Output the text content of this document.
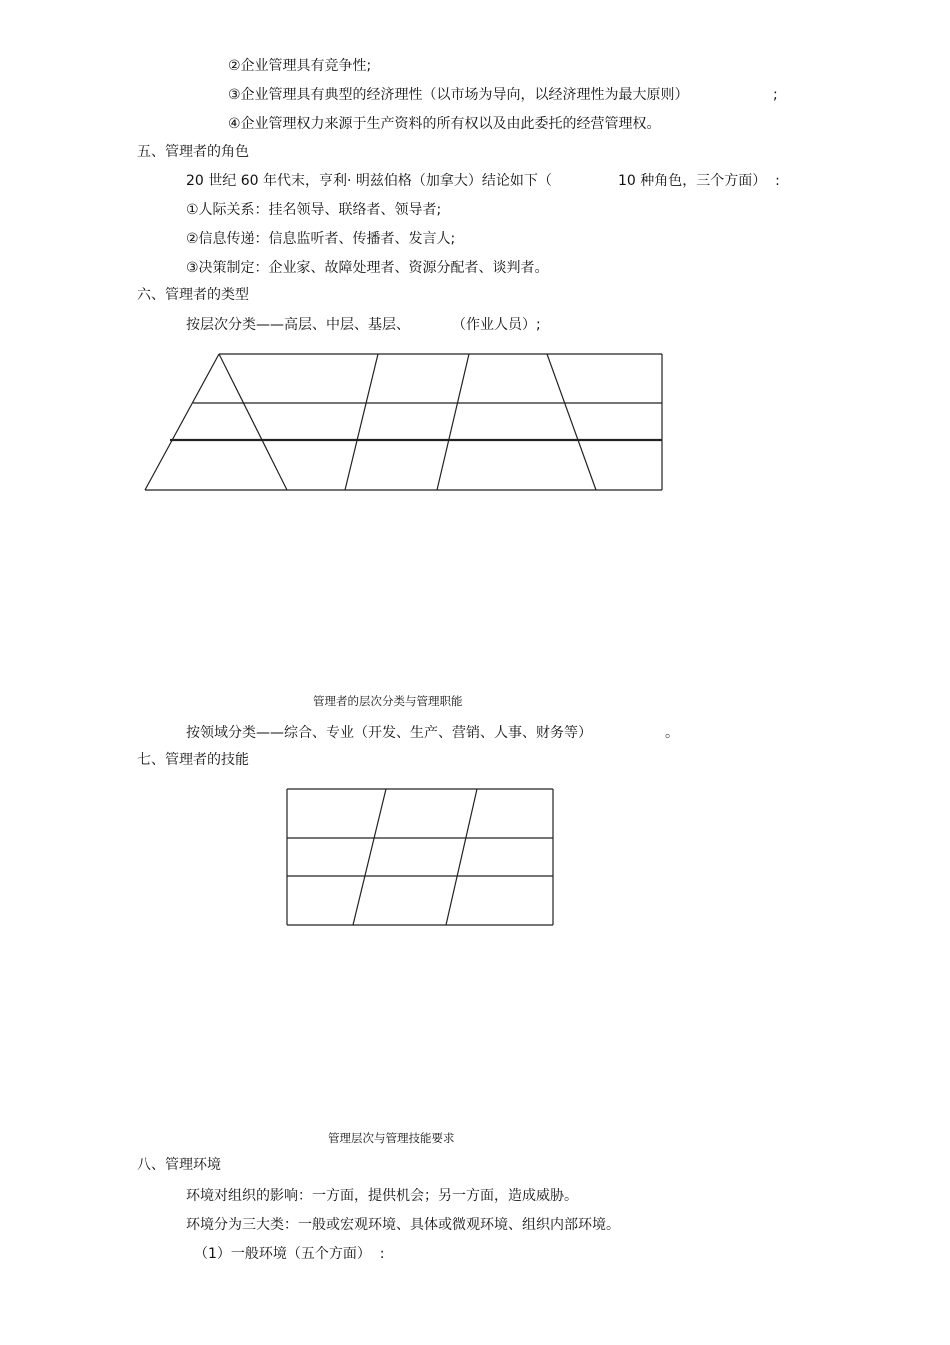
②企业管理具有竞争性;
③企业管理具有典型的经济理性（以市场为导向，以经济理性为最大原则）	;
④企业管理权力来源于生产资料的所有权以及由此委托的经营管理权。
五、管理者的角色
20 世纪 60 年代末，亨利· 明兹伯格（加拿大）结论如下（	10 种角色，三个方面）  :
①人际关系：挂名领导、联络者、领导者;
②信息传递：信息监听者、传播者、发言人;
③决策制定：企业家、故障处理者、资源分配者、谈判者。
六、管理者的类型
按层次分类——高层、中层、基层、	（作业人员）;
管理者的层次分类与管理职能
按领域分类——综合、专业（开发、生产、营销、人事、财务等）	。
七、管理者的技能
管理层次与管理技能要求
八、管理环境
环境对组织的影响：一方面，提供机会；另一方面，造成威胁。
环境分为三大类：一般或宏观环境、具体或微观环境、组织内部环境。
（1）一般环境（五个方面）  :
